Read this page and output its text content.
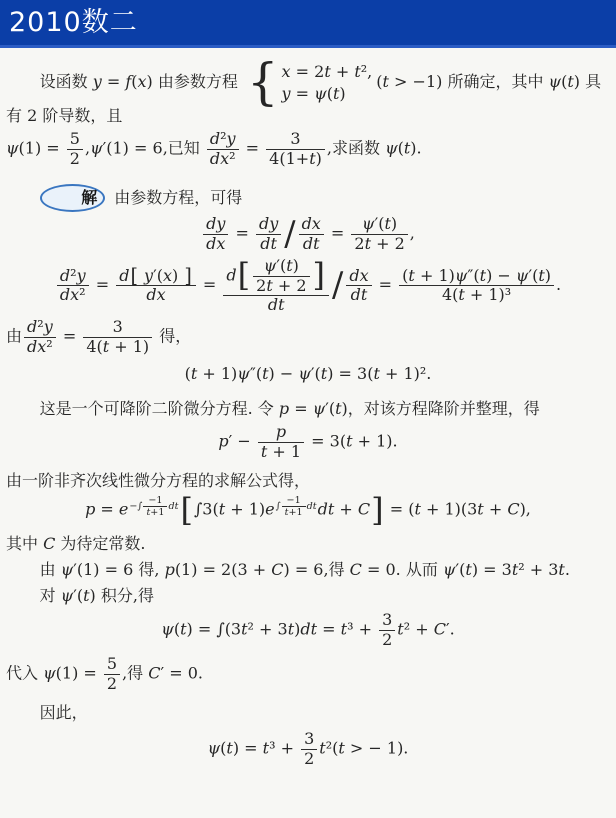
2010数二
设函数 y = f(x) 由参数方程 { x = 2t + t²,
y = ψ(t)
(t > −1) 所确定，其中 ψ(t) 具有 2 阶导数，且
$\psi(1) = \frac{5}{2} ,\psi'(1) = 6$,已知 $\frac{\text{d²y}}{\text{dx²}} = \frac{3}{4(1+t)}$ ,求函数 ψ(t).
解 由参数方程，可得
$\frac{dy}{dx} = \frac{dy}{dt} / \frac{dx}{dt} = \frac{\psi'(t)}{2t + 2}$ ,
$\frac{\text{d²y}}{\text{dx²}} = \frac{d[ y'(x) ]}{dx} = \frac{d[ \frac{\psi'(t)}{2t + 2} ]}{dt} / \frac{dx}{dt} = \frac{(t + 1)\psi''(t) - \psi'(t)}{\text{4(t + 1)³}}$ .
由 $\frac{\text{d²y}}{\text{dx²}} = \frac{3}{4(t + 1)}$ 得，
(t + 1)ψ″(t) − ψ′(t) = 3(t + 1)².
这是一个可降阶二阶微分方程. 令 p = ψ′(t)，对该方程降阶并整理，得
$p' - \frac{p}{t + 1} = 3(t + 1)$.
由一阶非齐次线性微分方程的求解公式得，
$p = e-\int \frac{-1}{t+1} dt[\int 3(t + 1)e\int \frac{-1}{t+1}$ dtdt + C] = (t + 1)(3t + C),
其中 C 为待定常数.
由 ψ′(1) = 6 得, p(1) = 2(3 + C) = 6,得 C = 0. 从而 ψ′(t) = 3t² + 3t.
对 ψ′(t) 积分,得
$\psi(t) = \int(3t^2 + 3t)dt = t^3 + \frac{3}{2} t^2 + C'$.
代入 $\psi(1) = \frac{5}{2}$ ,得 C′ = 0.
因此，
$\psi(t) = t^3 + \frac{3}{2} t^2(t$ > − 1).
